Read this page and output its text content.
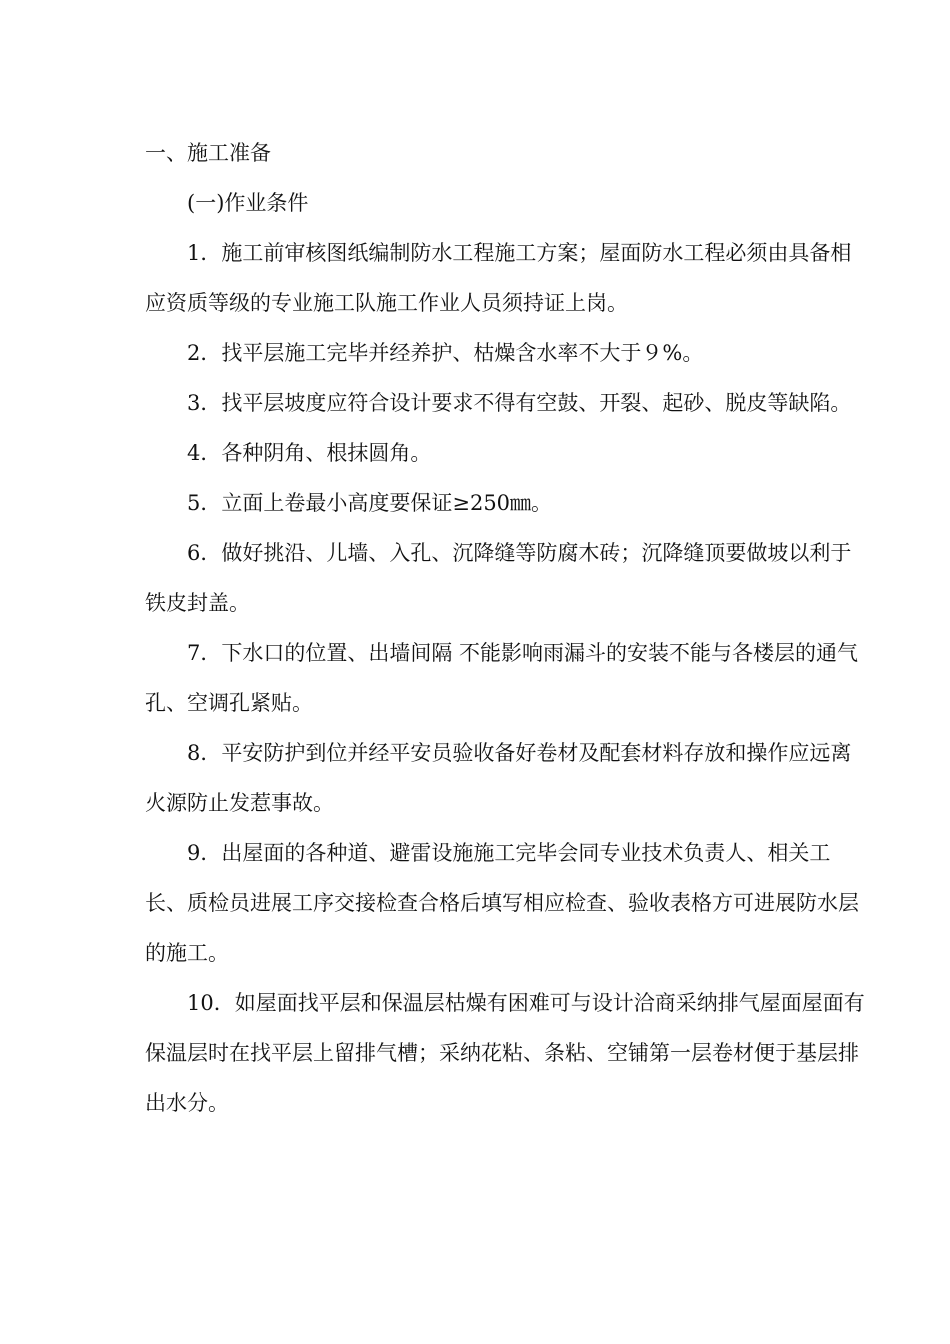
一、施工准备

(一)作业条件

1．施工前审核图纸编制防水工程施工方案；屋面防水工程必须由具备相应资质等级的专业施工队施工作业人员须持证上岗。

2．找平层施工完毕并经养护、枯燥含水率不大于９%。

3．找平层坡度应符合设计要求不得有空鼓、开裂、起砂、脱皮等缺陷。

4．各种阴角、根抹圆角。

5．立面上卷最小高度要保证≥250㎜。

6．做好挑沿、儿墙、入孔、沉降缝等防腐木砖；沉降缝顶要做坡以利于铁皮封盖。

7．下水口的位置、出墙间隔 不能影响雨漏斗的安装不能与各楼层的通气孔、空调孔紧贴。

8．平安防护到位并经平安员验收备好卷材及配套材料存放和操作应远离火源防止发惹事故。

9．出屋面的各种道、避雷设施施工完毕会同专业技术负责人、相关工长、质检员进展工序交接检查合格后填写相应检查、验收表格方可进展防水层的施工。

10．如屋面找平层和保温层枯燥有困难可与设计洽商采纳排气屋面屋面有保温层时在找平层上留排气槽；采纳花粘、条粘、空铺第一层卷材便于基层排出水分。
